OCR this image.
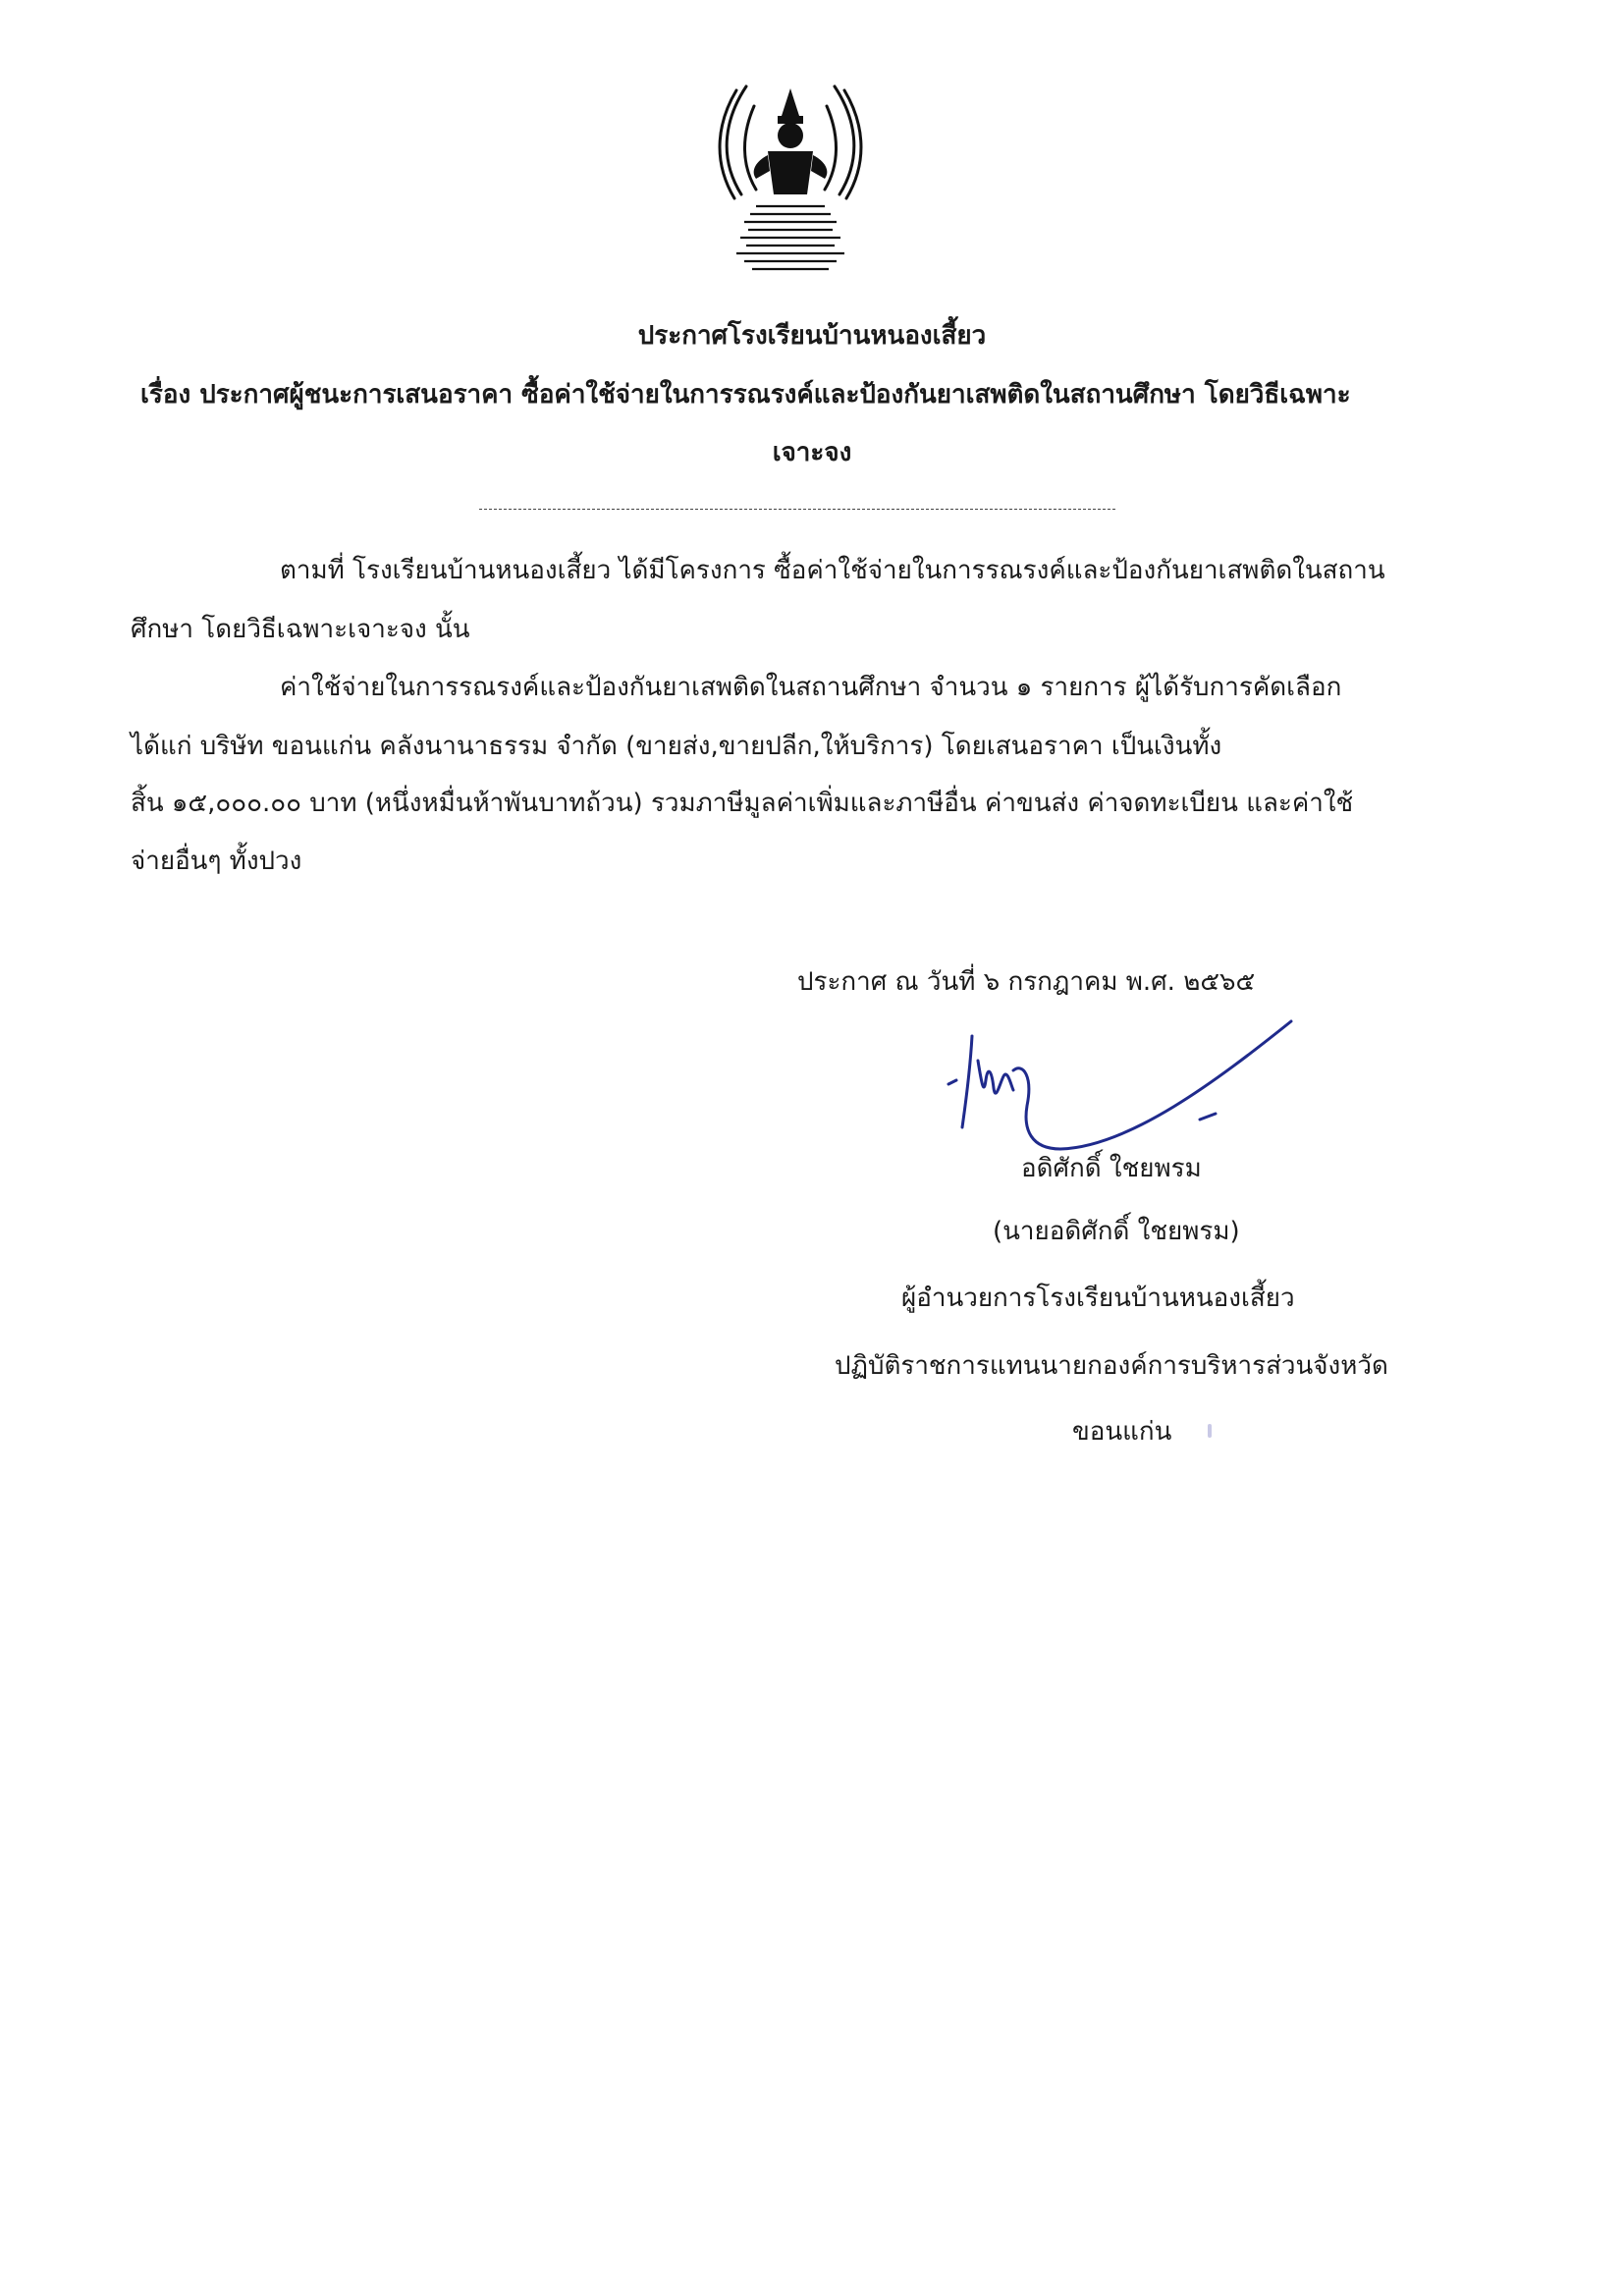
ประกาศโรงเรียนบ้านหนองเสี้ยว
เรื่อง ประกาศผู้ชนะการเสนอราคา ซื้อค่าใช้จ่ายในการรณรงค์และป้องกันยาเสพติดในสถานศึกษา โดยวิธีเฉพาะ
เจาะจง
ตามที่ โรงเรียนบ้านหนองเสี้ยว ได้มีโครงการ ซื้อค่าใช้จ่ายในการรณรงค์และป้องกันยาเสพติดในสถาน
ศึกษา โดยวิธีเฉพาะเจาะจง นั้น
ค่าใช้จ่ายในการรณรงค์และป้องกันยาเสพติดในสถานศึกษา จำนวน ๑ รายการ ผู้ได้รับการคัดเลือก
ได้แก่ บริษัท ขอนแก่น คลังนานาธรรม จำกัด (ขายส่ง,ขายปลีก,ให้บริการ) โดยเสนอราคา เป็นเงินทั้ง
สิ้น ๑๕,๐๐๐.๐๐ บาท (หนึ่งหมื่นห้าพันบาทถ้วน) รวมภาษีมูลค่าเพิ่มและภาษีอื่น ค่าขนส่ง ค่าจดทะเบียน และค่าใช้
จ่ายอื่นๆ ทั้งปวง
ประกาศ ณ วันที่ ๖ กรกฎาคม พ.ศ. ๒๕๖๕
อดิศักดิ์ ใชยพรม
(นายอดิศักดิ์ ใชยพรม)
ผู้อำนวยการโรงเรียนบ้านหนองเสี้ยว
ปฏิบัติราชการแทนนายกองค์การบริหารส่วนจังหวัด
ขอนแก่น
